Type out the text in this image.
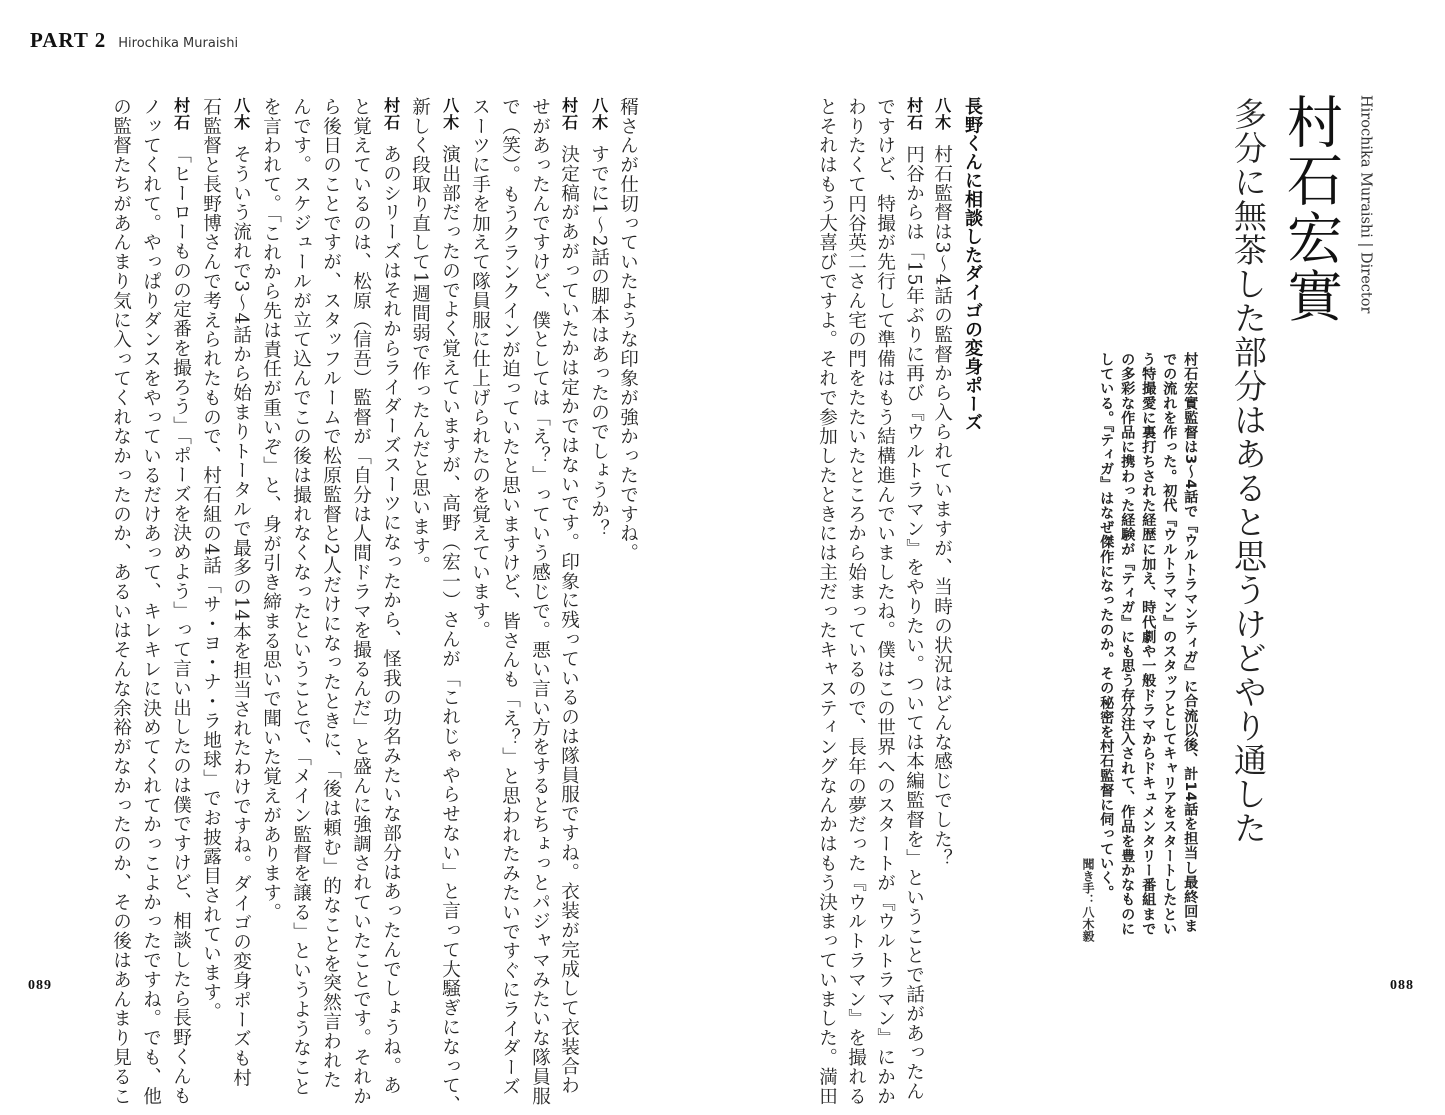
PART 2 Hirochika Muraishi
Hirochika Muraishi | Director
村石宏實
多分に無茶した部分はあると思うけどやり通した
村石宏實監督は3〜4話で『ウルトラマンティガ』に合流以後、計14話を担当し最終回ま
での流れを作った。初代『ウルトラマン』のスタッフとしてキャリアをスタートしたとい
う特撮愛に裏打ちされた経歴に加え、時代劇や一般ドラマからドキュメンタリー番組まで
の多彩な作品に携わった経験が『ティガ』にも思う存分注入されて、作品を豊かなものに
している。『ティガ』はなぜ傑作になったのか。その秘密を村石監督に伺っていく。
聞き手：八木毅
長野くんに相談したダイゴの変身ポーズ
八木村石監督は3〜4話の監督から入られていますが、当時の状況はどんな感じでした？
村石円谷からは「15年ぶりに再び『ウルトラマン』をやりたい。ついては本編監督を」ということで話があったん
ですけど、特撮が先行して準備はもう結構進んでいましたね。僕はこの世界へのスタートが『ウルトラマン』にかか
わりたくて円谷英二さん宅の門をたたいたところから始まっているので、長年の夢だった『ウルトラマン』を撮れる
とそれはもう大喜びですよ。それで参加したときには主だったキャスティングなんかはもう決まっていました。満田
稰さんが仕切っていたような印象が強かったですね。
八木すでに1〜2話の脚本はあったのでしょうか？
村石決定稿があがっていたかは定かではないです。印象に残っているのは隊員服ですね。衣装が完成して衣装合わ
せがあったんですけど、僕としては「え？」っていう感じで。悪い言い方をするとちょっとパジャマみたいな隊員服
で（笑）。もうクランクインが迫っていたと思いますけど、皆さんも「え？」と思われたみたいですぐにライダーズ
スーツに手を加えて隊員服に仕上げられたのを覚えています。
八木演出部だったのでよく覚えていますが、高野（宏一）さんが「これじゃやらせない」と言って大騒ぎになって、
新しく段取り直して1週間弱で作ったんだと思います。
村石あのシリーズはそれからライダーズスーツになったから、怪我の功名みたいな部分はあったんでしょうね。あ
と覚えているのは、松原（信吾）監督が「自分は人間ドラマを撮るんだ」と盛んに強調されていたことです。それか
ら後日のことですが、スタッフルームで松原監督と2人だけになったときに、「後は頼む」的なことを突然言われた
んです。スケジュールが立て込んでこの後は撮れなくなったということで、「メイン監督を譲る」というようなこと
を言われて。「これから先は責任が重いぞ」と、身が引き締まる思いで聞いた覚えがあります。
八木そういう流れで3〜4話から始まりトータルで最多の14本を担当されたわけですね。ダイゴの変身ポーズも村
石監督と長野博さんで考えられたもので、村石組の4話「サ・ヨ・ナ・ラ地球」でお披露目されています。
村石「ヒーローものの定番を撮ろう」「ポーズを決めよう」って言い出したのは僕ですけど、相談したら長野くんも
ノッてくれて。やっぱりダンスをやっているだけあって、キレキレに決めてくれてかっこよかったですね。でも、他
の監督たちがあんまり気に入ってくれなかったのか、あるいはそんな余裕がなかったのか、その後はあんまり見るこ
089	088
